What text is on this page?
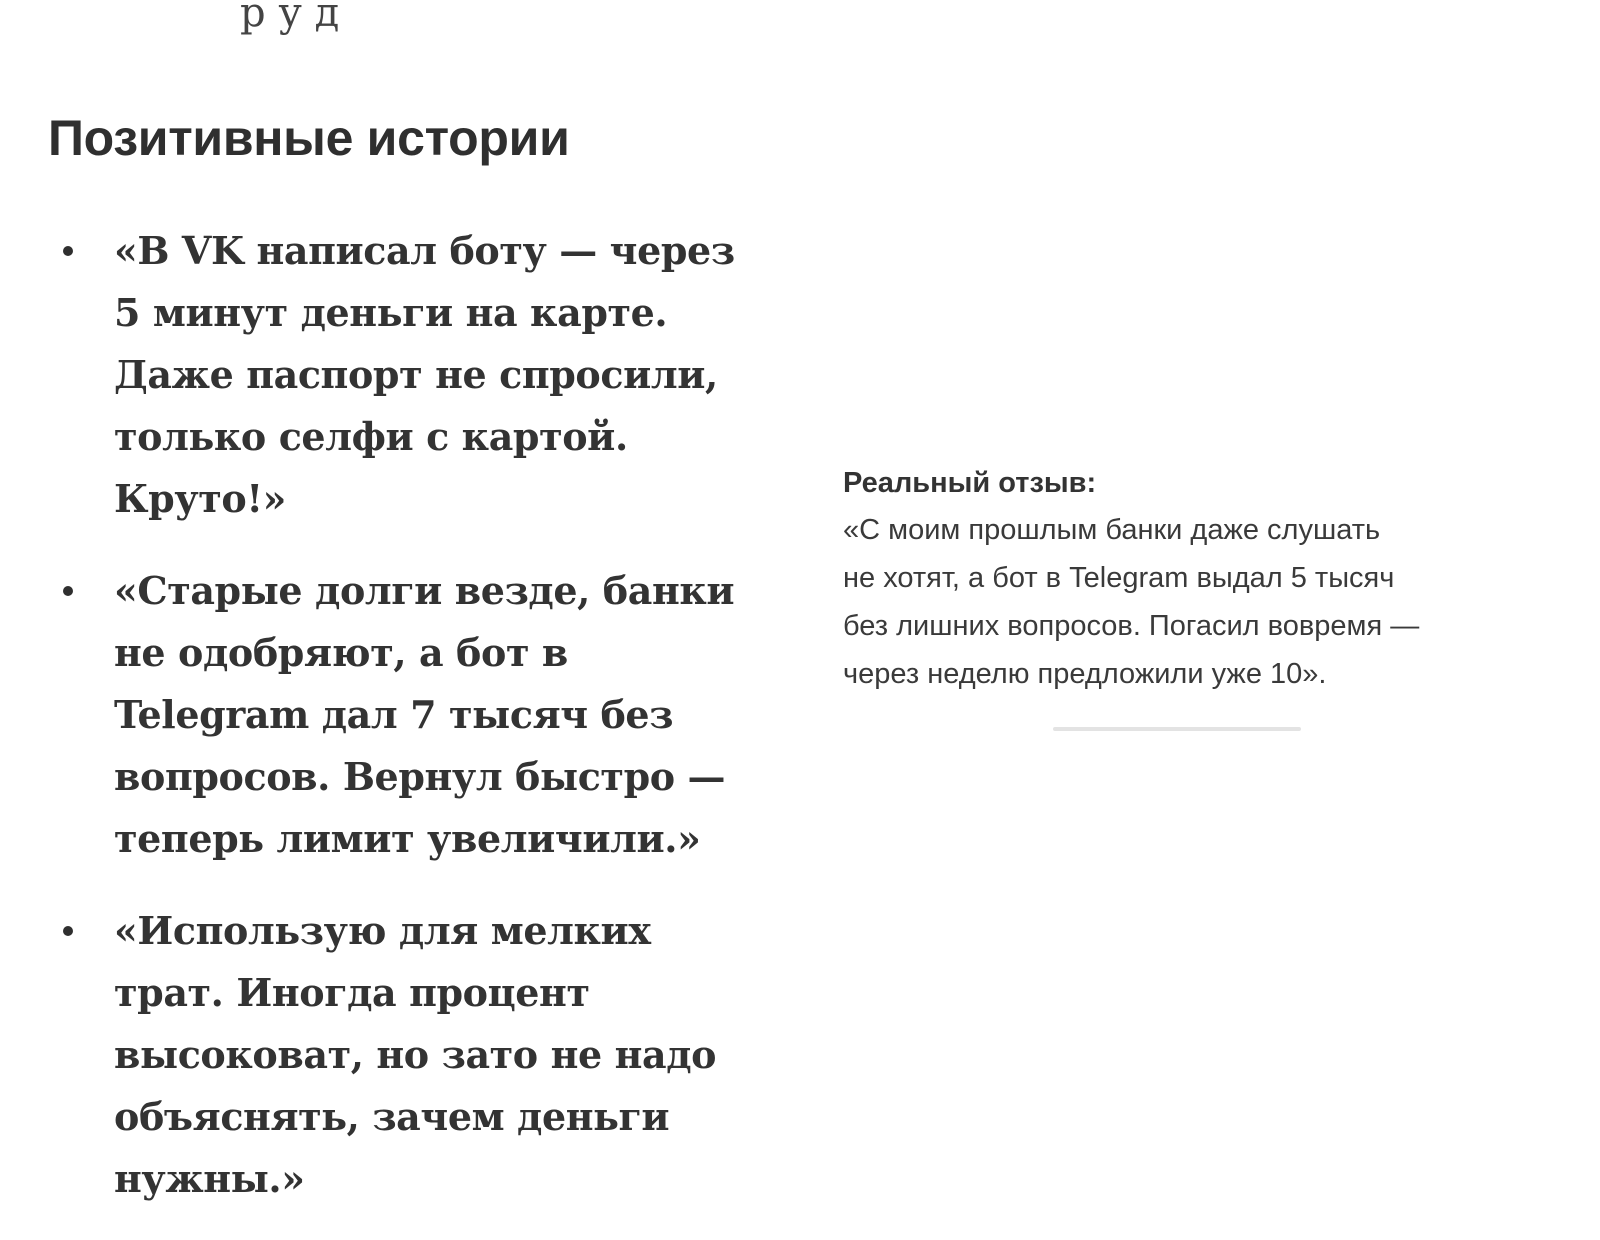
р у д
Позитивные истории
«В VK написал боту — через 5 минут деньги на карте. Даже паспорт не спросили, только селфи с картой. Круто!»
«Старые долги везде, банки не одобряют, а бот в Telegram дал 7 тысяч без вопросов. Вернул быстро — теперь лимит увеличили.»
«Использую для мелких трат. Иногда процент высоковат, но зато не надо объяснять, зачем деньги нужны.»
Реальный отзыв:
«С моим прошлым банки даже слушать
не хотят, а бот в Telegram выдал 5 тысяч
без лишних вопросов. Погасил вовремя —
через неделю предложили уже 10».
